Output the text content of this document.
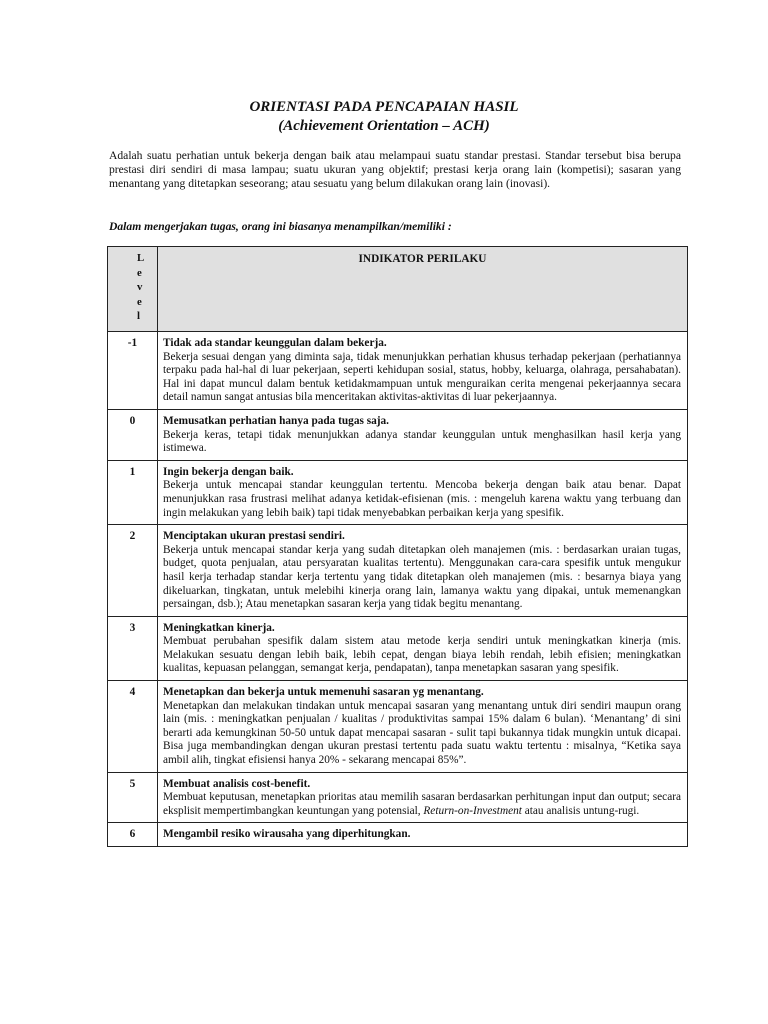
ORIENTASI PADA PENCAPAIAN HASIL
(Achievement Orientation – ACH)

Adalah suatu perhatian untuk bekerja dengan baik atau melampaui suatu standar prestasi. Standar tersebut bisa berupa prestasi diri sendiri di masa lampau; suatu ukuran yang objektif; prestasi kerja orang lain (kompetisi); sasaran yang menantang yang ditetapkan seseorang; atau sesuatu yang belum dilakukan orang lain (inovasi).

Dalam mengerjakan tugas, orang ini biasanya menampilkan/memiliki :

L
e
v
e
l	INDIKATOR PERILAKU
-1	Tidak ada standar keunggulan dalam bekerja.
Bekerja sesuai dengan yang diminta saja, tidak menunjukkan perhatian khusus terhadap pekerjaan (perhatiannya terpaku pada hal-hal di luar pekerjaan, seperti kehidupan sosial, status, hobby, keluarga, olahraga, persahabatan). Hal ini dapat muncul dalam bentuk ketidakmampuan untuk menguraikan cerita mengenai pekerjaannya secara detail namun sangat antusias bila menceritakan aktivitas-aktivitas di luar pekerjaannya.

0	Memusatkan perhatian hanya pada tugas saja.
Bekerja keras, tetapi tidak menunjukkan adanya standar keunggulan untuk menghasilkan hasil kerja yang istimewa.

1	Ingin bekerja dengan baik.
Bekerja untuk mencapai standar keunggulan tertentu. Mencoba bekerja dengan baik atau benar. Dapat menunjukkan rasa frustrasi melihat adanya ketidak-efisienan (mis. : mengeluh karena waktu yang terbuang dan ingin melakukan yang lebih baik) tapi tidak menyebabkan perbaikan kerja yang spesifik.

2	Menciptakan ukuran prestasi sendiri.
Bekerja untuk mencapai standar kerja yang sudah ditetapkan oleh manajemen (mis. : berdasarkan uraian tugas, budget, quota penjualan, atau persyaratan kualitas tertentu). Menggunakan cara-cara spesifik untuk mengukur hasil kerja terhadap standar kerja tertentu yang tidak ditetapkan oleh manajemen (mis. : besarnya biaya yang dikeluarkan, tingkatan, untuk melebihi kinerja orang lain, lamanya waktu yang dipakai, untuk memenangkan persaingan, dsb.); Atau menetapkan sasaran kerja yang tidak begitu menantang.

3	Meningkatkan kinerja.
Membuat perubahan spesifik dalam sistem atau metode kerja sendiri untuk meningkatkan kinerja (mis. Melakukan sesuatu dengan lebih baik, lebih cepat, dengan biaya lebih rendah, lebih efisien; meningkatkan kualitas, kepuasan pelanggan, semangat kerja, pendapatan), tanpa menetapkan sasaran yang spesifik.

4	Menetapkan dan bekerja untuk memenuhi sasaran yg menantang.
Menetapkan dan melakukan tindakan untuk mencapai sasaran yang menantang untuk diri sendiri maupun orang lain (mis. : meningkatkan penjualan / kualitas / produktivitas sampai 15% dalam 6 bulan). ‘Menantang’ di sini berarti ada kemungkinan 50-50 untuk dapat mencapai sasaran - sulit tapi bukannya tidak mungkin untuk dicapai. Bisa juga membandingkan dengan ukuran prestasi tertentu pada suatu waktu tertentu : misalnya, “Ketika saya ambil alih, tingkat efisiensi hanya 20% - sekarang mencapai 85%”.

5	Membuat analisis cost-benefit.
Membuat keputusan, menetapkan prioritas atau memilih sasaran berdasarkan perhitungan input dan output; secara eksplisit mempertimbangkan keuntungan yang potensial, Return-on-Investment atau analisis untung-rugi.

6	Mengambil resiko wirausaha yang diperhitungkan.
